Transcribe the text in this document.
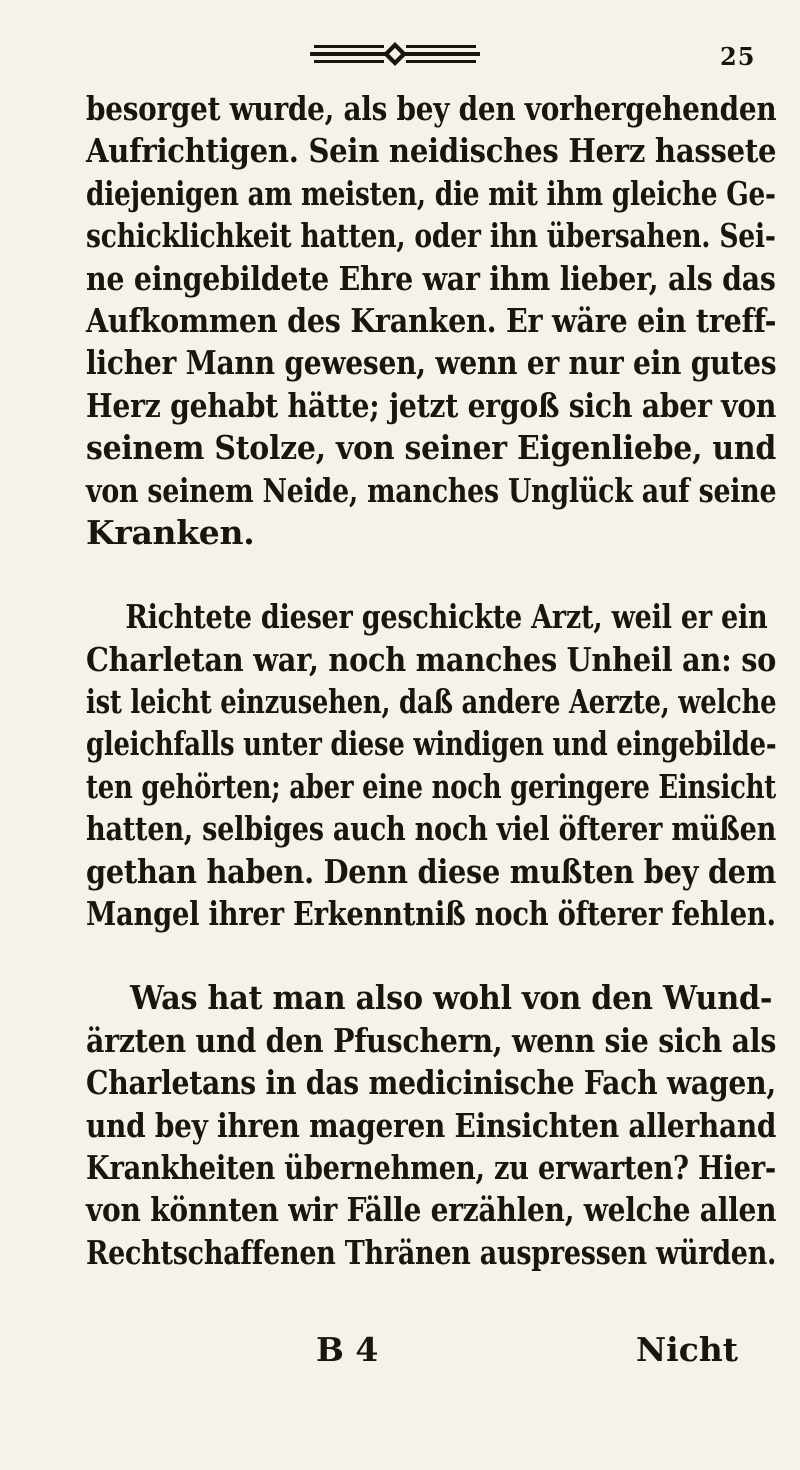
25
besorget wurde, als bey den vorhergehenden
Aufrichtigen. Sein neidisches Herz hassete
diejenigen am meisten, die mit ihm gleiche Ge-
schicklichkeit hatten, oder ihn übersahen. Sei-
ne eingebildete Ehre war ihm lieber, als das
Aufkommen des Kranken. Er wäre ein treff-
licher Mann gewesen, wenn er nur ein gutes
Herz gehabt hätte; jetzt ergoß sich aber von
seinem Stolze, von seiner Eigenliebe, und
von seinem Neide, manches Unglück auf seine
Kranken.
Richtete dieser geschickte Arzt, weil er ein
Charletan war, noch manches Unheil an: so
ist leicht einzusehen, daß andere Aerzte, welche
gleichfalls unter diese windigen und eingebilde-
ten gehörten; aber eine noch geringere Einsicht
hatten, selbiges auch noch viel öfterer müßen
gethan haben. Denn diese mußten bey dem
Mangel ihrer Erkenntniß noch öfterer fehlen.
Was hat man also wohl von den Wund-
ärzten und den Pfuschern, wenn sie sich als
Charletans in das medicinische Fach wagen,
und bey ihren mageren Einsichten allerhand
Krankheiten übernehmen, zu erwarten? Hier-
von könnten wir Fälle erzählen, welche allen
Rechtschaffenen Thränen auspressen würden.
B 4	Nicht
